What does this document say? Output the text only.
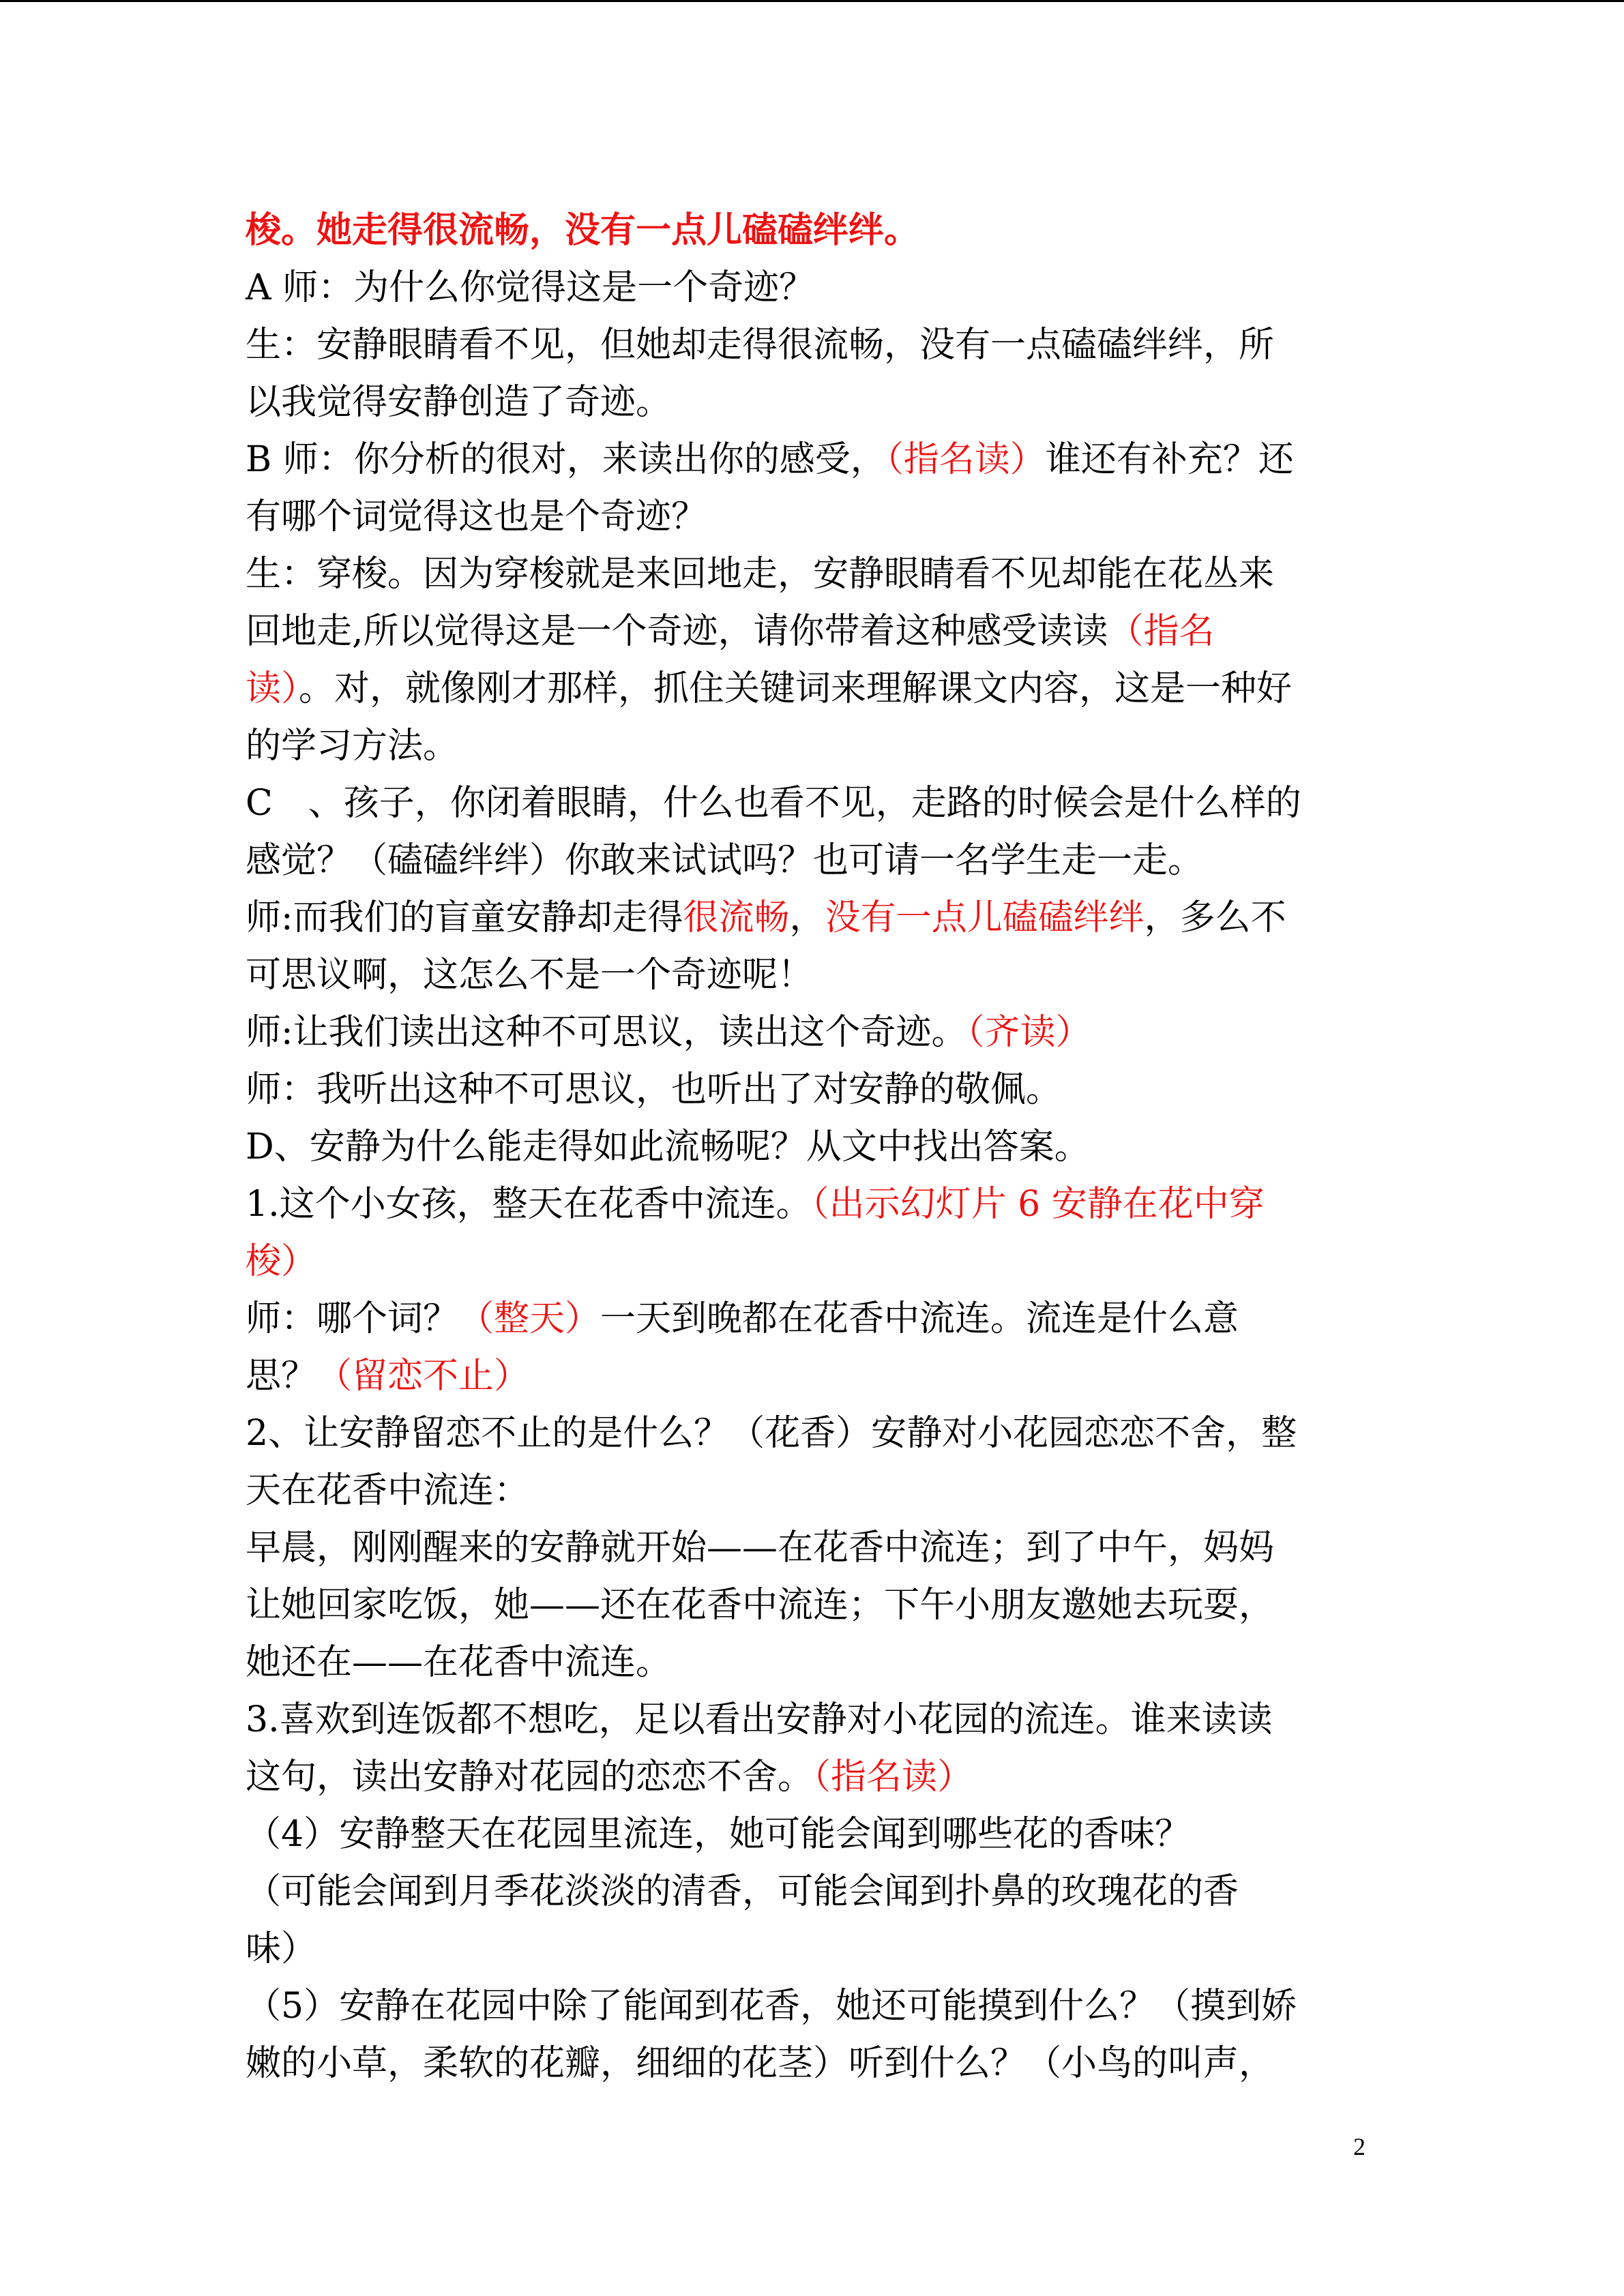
梭。她走得很流畅，没有一点儿磕磕绊绊。
A 师：为什么你觉得这是一个奇迹？
生：安静眼睛看不见，但她却走得很流畅，没有一点磕磕绊绊，所
以我觉得安静创造了奇迹。
B 师：你分析的很对，来读出你的感受，（指名读）谁还有补充？还
有哪个词觉得这也是个奇迹？
生：穿梭。因为穿梭就是来回地走，安静眼睛看不见却能在花丛来
回地走,所以觉得这是一个奇迹，请你带着这种感受读读（指名
读）。对，就像刚才那样，抓住关键词来理解课文内容，这是一种好
的学习方法。
C　、孩子，你闭着眼睛，什么也看不见，走路的时候会是什么样的
感觉？（磕磕绊绊）你敢来试试吗？也可请一名学生走一走。
师:而我们的盲童安静却走得很流畅，没有一点儿磕磕绊绊，多么不
可思议啊，这怎么不是一个奇迹呢！
师:让我们读出这种不可思议，读出这个奇迹。（齐读）
师：我听出这种不可思议，也听出了对安静的敬佩。
D、安静为什么能走得如此流畅呢？从文中找出答案。
1.这个小女孩，整天在花香中流连。（出示幻灯片 6 安静在花中穿
梭）
师：哪个词？（整天）一天到晚都在花香中流连。流连是什么意
思？（留恋不止）
2、让安静留恋不止的是什么？（花香）安静对小花园恋恋不舍，整
天在花香中流连：
早晨，刚刚醒来的安静就开始——在花香中流连；到了中午，妈妈
让她回家吃饭，她——还在花香中流连；下午小朋友邀她去玩耍，
她还在——在花香中流连。
3.喜欢到连饭都不想吃，足以看出安静对小花园的流连。谁来读读
这句，读出安静对花园的恋恋不舍。（指名读）
（4）安静整天在花园里流连，她可能会闻到哪些花的香味？
（可能会闻到月季花淡淡的清香，可能会闻到扑鼻的玫瑰花的香
味）
（5）安静在花园中除了能闻到花香，她还可能摸到什么？（摸到娇
嫩的小草，柔软的花瓣，细细的花茎）听到什么？（小鸟的叫声，
2
